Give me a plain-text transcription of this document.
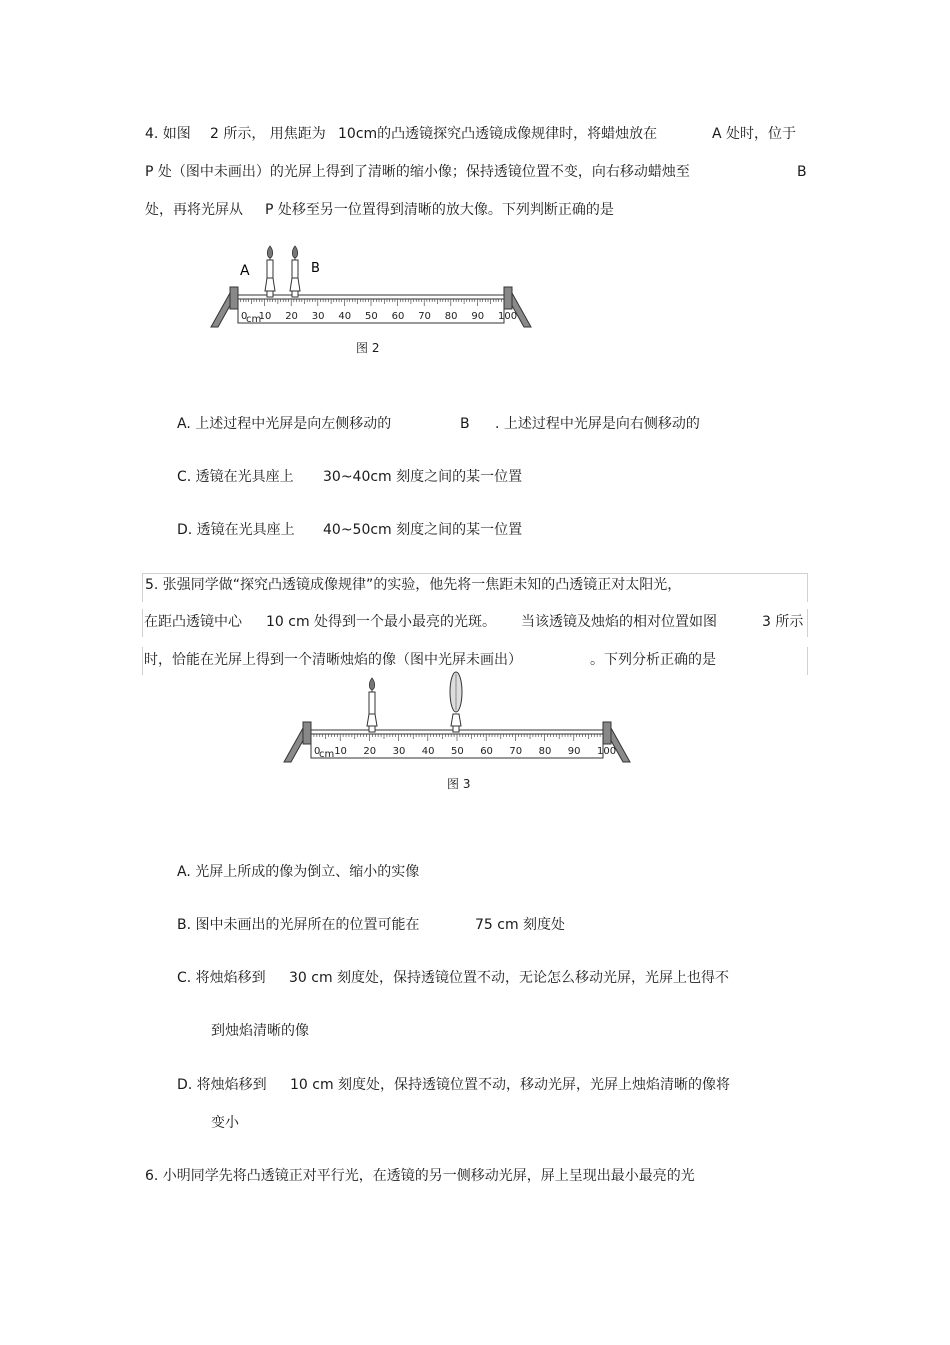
4. 如图 2 所示， 用焦距为 10cm的凸透镜探究凸透镜成像规律时，将蜡烛放在	A 处时，位于
P 处（图中未画出）的光屏上得到了清晰的缩小像；保持透镜位置不变，向右移动蜡烛至	B
处，再将光屏从 P 处移至另一位置得到清晰的放大像。下列判断正确的是
0 10 20 30 40 50 60 70 80 90 100
cm
A	B
图 2
A. 上述过程中光屏是向左侧移动的	B . 上述过程中光屏是向右侧移动的
C. 透镜在光具座上 30~40cm 刻度之间的某一位置
D. 透镜在光具座上 40~50cm 刻度之间的某一位置
5. 张强同学做“探究凸透镜成像规律”的实验，他先将一焦距未知的凸透镜正对太阳光，
在距凸透镜中心 10 cm 处得到一个最小最亮的光斑。 当该透镜及烛焰的相对位置如图	3 所示
时，恰能在光屏上得到一个清晰烛焰的像（图中光屏未画出）	。下列分析正确的是
0 10 20 30 40 50 60 70 80 90 100
cm
图 3
A. 光屏上所成的像为倒立、缩小的实像
B. 图中未画出的光屏所在的位置可能在	75 cm 刻度处
C. 将烛焰移到 30 cm 刻度处，保持透镜位置不动，无论怎么移动光屏，光屏上也得不
到烛焰清晰的像
D. 将烛焰移到 10 cm 刻度处，保持透镜位置不动，移动光屏，光屏上烛焰清晰的像将
变小
6. 小明同学先将凸透镜正对平行光，在透镜的另一侧移动光屏，屏上呈现出最小最亮的光
